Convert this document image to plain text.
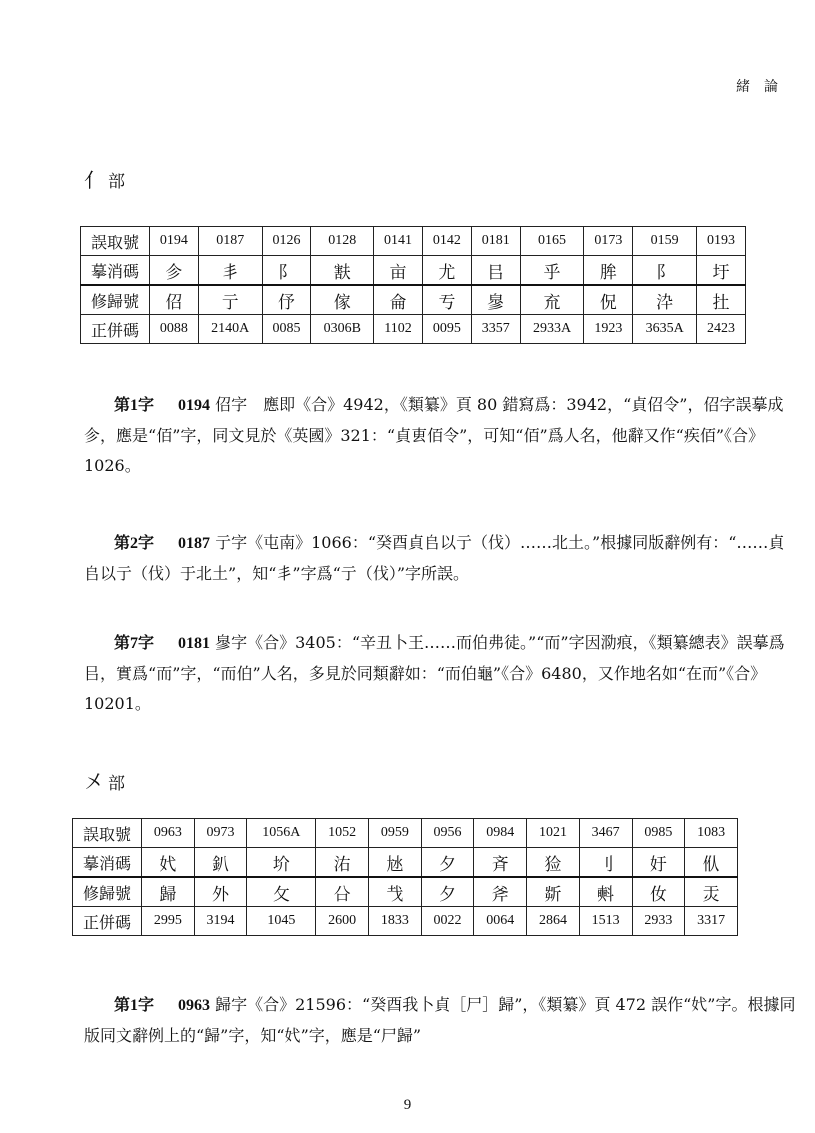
緒論
亻 部
誤取號	0194	0187	0126	0128	0141	0142	0181	0165	0173	0159	0193
摹消碼	㐱	丯	阝	㝬	亩	尤	㠯	乎	䏬	阝	圩
修歸號	佋	亍	伃	傢	侖	亐	㣎	㐬	㑆	㳃	扗
正併碼	0088	2140A	0085	0306B	1102	0095	3357	2933A	1923	3635A	2423

第1字 0194 佋字　應即《合》4942，《類纂》頁 80 錯寫爲：3942，“貞佋令”，佋字誤摹成㐱，應是“佰”字，同文見於《英國》321：“貞叀佰令”，可知“佰”爲人名，他辭又作“疾佰”《合》1026。

第2字 0187 亍字《屯南》1066：“癸酉貞𠂤以亍（伐）……北土。”根據同版辭例有：“……貞𠂤以亍（伐）于北土”，知“丯”字爲“亍（伐）”字所誤。

第7字 0181 㣎字《合》3405：“辛丑卜王……而伯弗徒。”“而”字因泐痕，《類纂總表》誤摹爲㠯，實爲“而”字，“而伯”人名，多見於同類辭如：“而伯龜”《合》6480，又作地名如“在而”《合》10201。

㐅 部
誤取號	0963	0973	1056A	1052	0959	0956	0984	1021	3467	0985	1083
摹消碼	㚤	釟	圿	㳓	㝽	夕	斉	猃	刂	㚥	㐺
修歸號	歸	外	攵	㕣	𢦏	夕	斧	㪿	㪺	㚢	㶣
正併碼	2995	3194	1045	2600	1833	0022	0064	2864	1513	2933	3317

第1字 0963 歸字《合》21596：“癸酉我卜貞［尸］歸”，《類纂》頁 472 誤作“㚤”字。根據同版同文辭例上的“歸”字，知“㚤”字，應是“尸歸”

9
